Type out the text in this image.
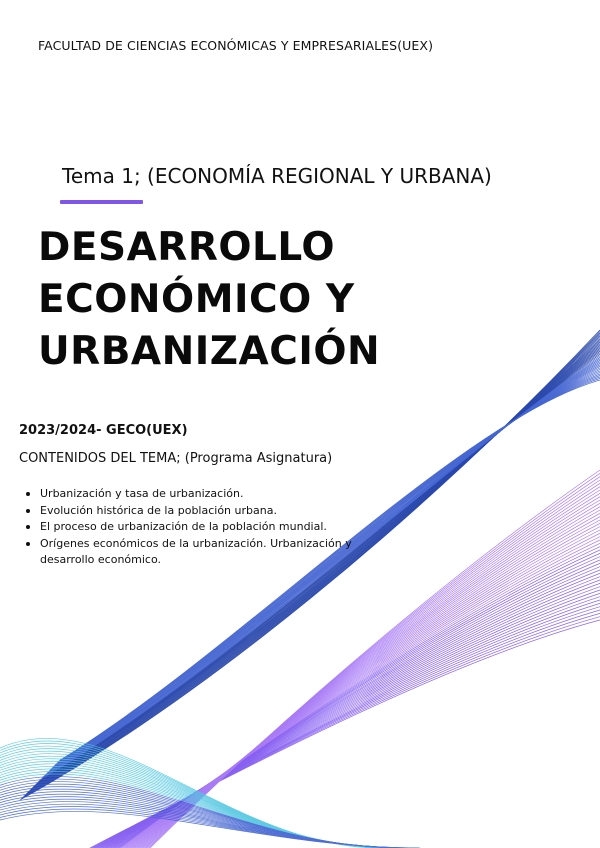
FACULTAD DE CIENCIAS ECONÓMICAS Y EMPRESARIALES(UEX)
Tema 1; (ECONOMÍA REGIONAL Y URBANA)
DESARROLLO
ECONÓMICO Y
URBANIZACIÓN
2023/2024- GECO(UEX)
CONTENIDOS DEL TEMA; (Programa Asignatura)
Urbanización y tasa de urbanización.
Evolución histórica de la población urbana.
El proceso de urbanización de la población mundial.
Orígenes económicos de la urbanización. Urbanización y desarrollo económico.
